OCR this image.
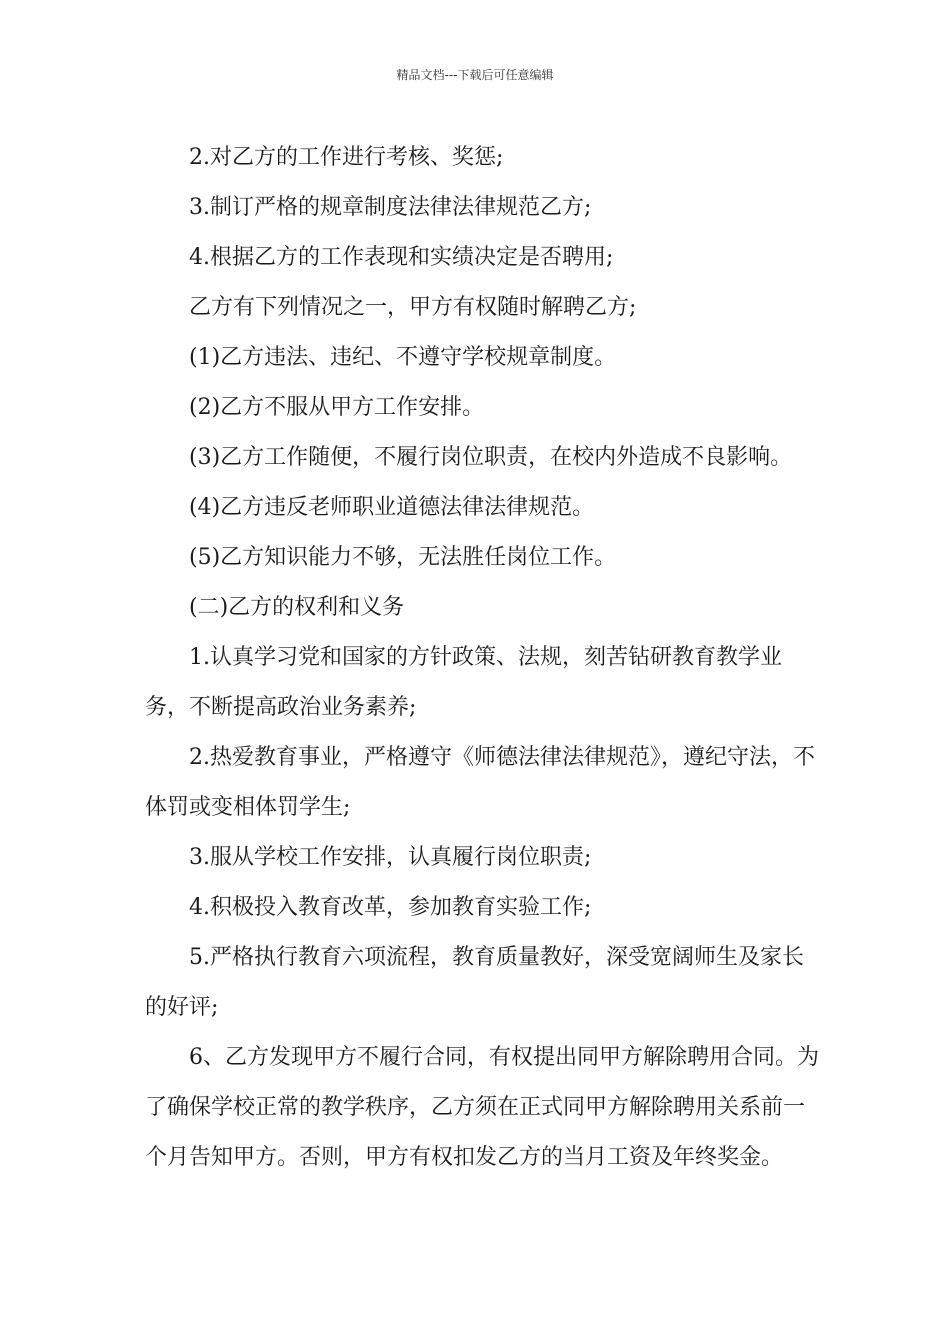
精品文档---下载后可任意编辑

2.对乙方的工作进行考核、奖惩;

3.制订严格的规章制度法律法律规范乙方;

4.根据乙方的工作表现和实绩决定是否聘用;

乙方有下列情况之一，甲方有权随时解聘乙方;

(1)乙方违法、违纪、不遵守学校规章制度。

(2)乙方不服从甲方工作安排。

(3)乙方工作随便，不履行岗位职责，在校内外造成不良影响。

(4)乙方违反老师职业道德法律法律规范。

(5)乙方知识能力不够，无法胜任岗位工作。

(二)乙方的权利和义务

1.认真学习党和国家的方针政策、法规，刻苦钻研教育教学业务，不断提高政治业务素养;

2.热爱教育事业，严格遵守《师德法律法律规范》，遵纪守法，不体罚或变相体罚学生;

3.服从学校工作安排，认真履行岗位职责;

4.积极投入教育改革，参加教育实验工作;

5.严格执行教育六项流程，教育质量教好，深受宽阔师生及家长的好评;

6、乙方发现甲方不履行合同，有权提出同甲方解除聘用合同。为了确保学校正常的教学秩序，乙方须在正式同甲方解除聘用关系前一个月告知甲方。否则，甲方有权扣发乙方的当月工资及年终奖金。
